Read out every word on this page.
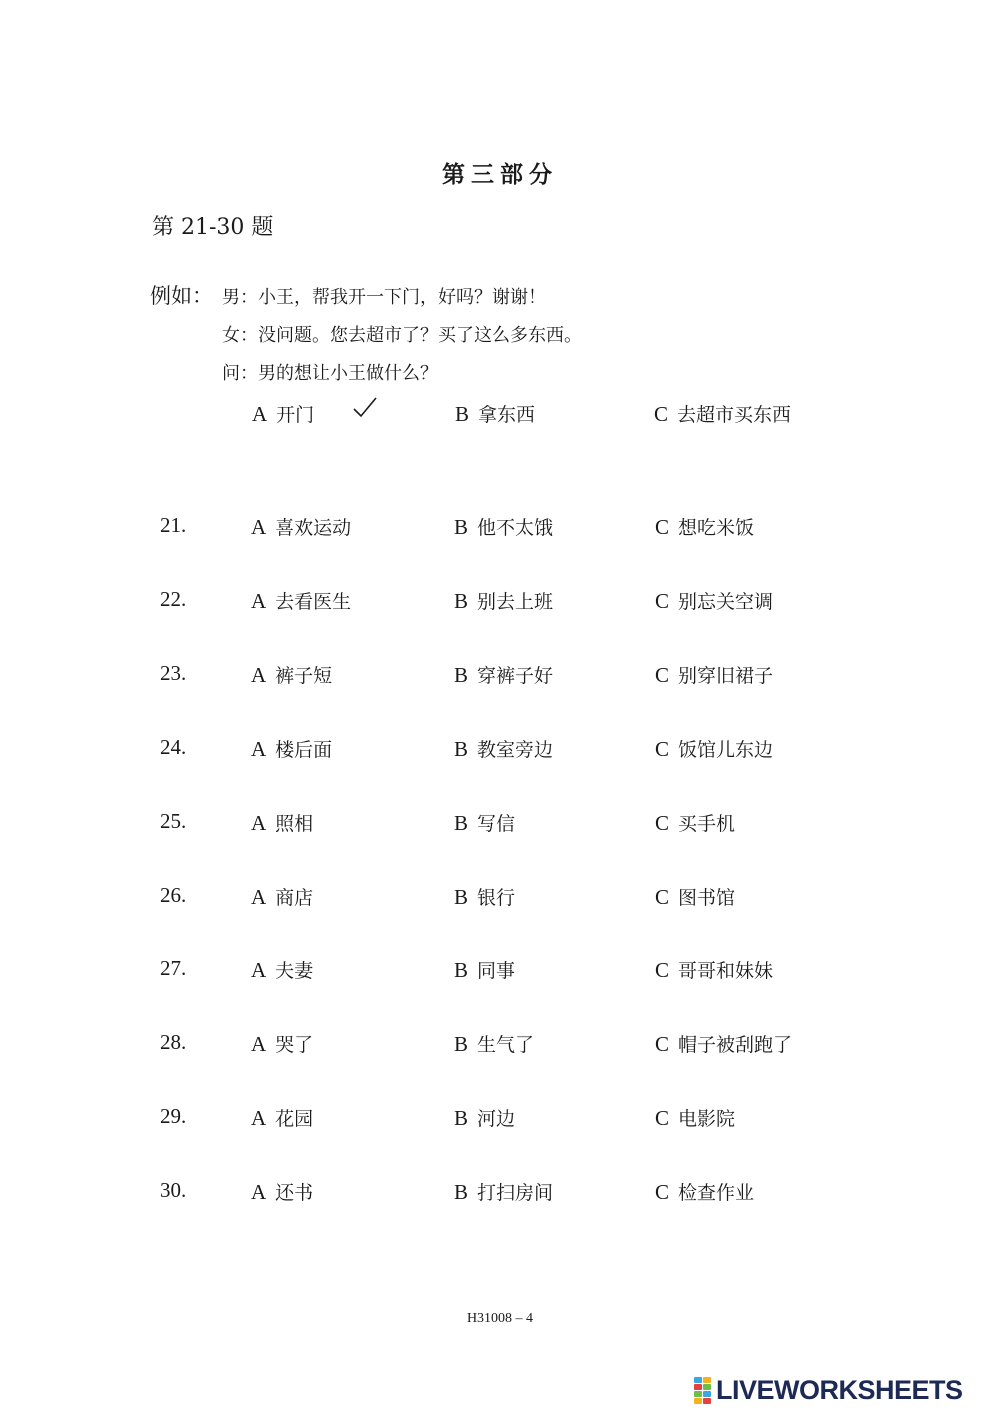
第三部分
第 21-30 题
例如： 男：小王，帮我开一下门，好吗？谢谢！
女：没问题。您去超市了？买了这么多东西。
问：男的想让小王做什么？
A 开门	B 拿东西	C 去超市买东西
21.	A 喜欢运动	B 他不太饿	C 想吃米饭
22.	A 去看医生	B 别去上班	C 别忘关空调
23.	A 裤子短	B 穿裤子好	C 别穿旧裙子
24.	A 楼后面	B 教室旁边	C 饭馆儿东边
25.	A 照相	B 写信	C 买手机
26.	A 商店	B 银行	C 图书馆
27.	A 夫妻	B 同事	C 哥哥和妹妹
28.	A 哭了	B 生气了	C 帽子被刮跑了
29.	A 花园	B 河边	C 电影院
30.	A 还书	B 打扫房间	C 检查作业
H31008 – 4
LIVEWORKSHEETS
